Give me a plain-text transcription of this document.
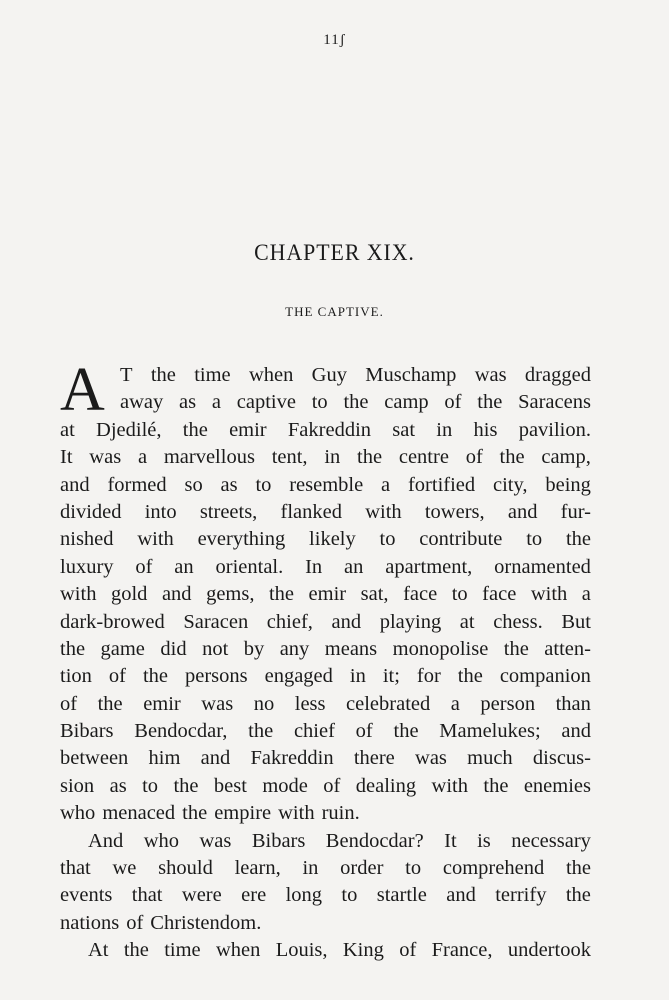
11ʃ
CHAPTER XIX.
THE CAPTIVE.
A T the time when Guy Muschamp was dragged
away as a captive to the camp of the Saracens
at Djedilé, the emir Fakreddin sat in his pavilion.
It was a marvellous tent, in the centre of the camp,
and formed so as to resemble a fortified city, being
divided into streets, flanked with towers, and fur-
nished with everything likely to contribute to the
luxury of an oriental. In an apartment, ornamented
with gold and gems, the emir sat, face to face with a
dark-browed Saracen chief, and playing at chess. But
the game did not by any means monopolise the atten-
tion of the persons engaged in it; for the companion
of the emir was no less celebrated a person than
Bibars Bendocdar, the chief of the Mamelukes; and
between him and Fakreddin there was much discus-
sion as to the best mode of dealing with the enemies
who menaced the empire with ruin.
And who was Bibars Bendocdar? It is necessary
that we should learn, in order to comprehend the
events that were ere long to startle and terrify the
nations of Christendom.
At the time when Louis, King of France, undertook
